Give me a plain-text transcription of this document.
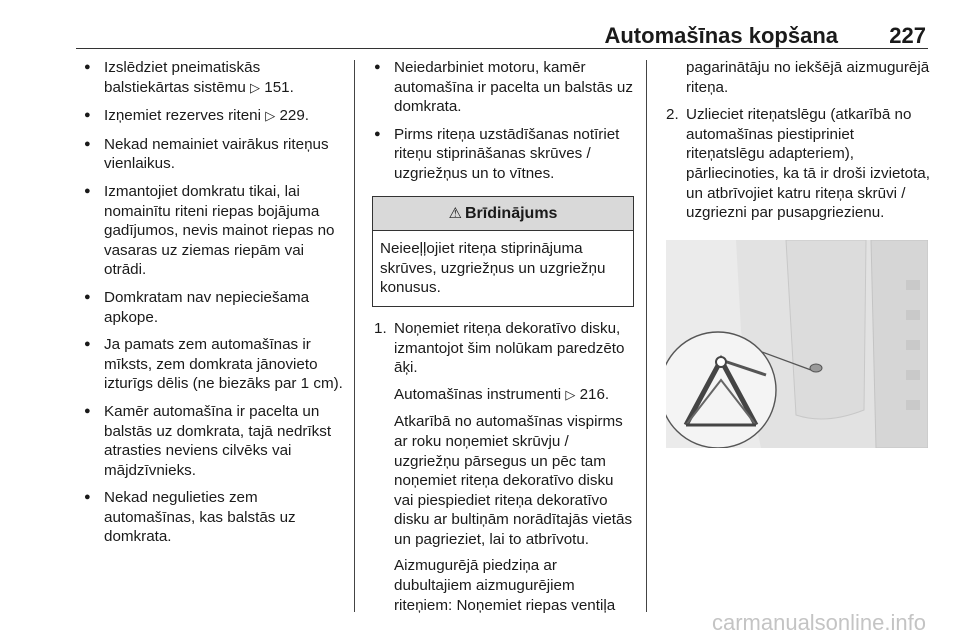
Automašīnas kopšana 227
● Izslēdziet pneimatiskās balstiekārtas sistēmu ▷ 151.
● Izņemiet rezerves riteni ▷ 229.
● Nekad nemainiet vairākus riteņus vienlaikus.
● Izmantojiet domkratu tikai, lai nomainītu riteni riepas bojājuma gadījumos, nevis mainot riepas no vasaras uz ziemas riepām vai otrādi.
● Domkratam nav nepieciešama apkope.
● Ja pamats zem automašīnas ir mīksts, zem domkrata jānovieto izturīgs dēlis (ne biezāks par 1 cm).
● Kamēr automašīna ir pacelta un balstās uz domkrata, tajā nedrīkst atrasties neviens cilvēks vai mājdzīvnieks.
● Nekad negulieties zem automašīnas, kas balstās uz domkrata.
● Neiedarbiniet motoru, kamēr automašīna ir pacelta un balstās uz domkrata.
● Pirms riteņa uzstādīšanas notīriet riteņu stiprināšanas skrūves / uzgriežņus un to vītnes.
⚠ Brīdinājums
Neieeļļojiet riteņa stiprinājuma skrūves, uzgriežņus un uzgriežņu konusus.
1. Noņemiet riteņa dekoratīvo disku, izmantojot šim nolūkam paredzēto āķi.
Automašīnas instrumenti ▷ 216.
Atkarībā no automašīnas vispirms ar roku noņemiet skrūvju / uzgriežņu pārsegus un pēc tam noņemiet riteņa dekoratīvo disku vai piespiediet riteņa dekoratīvo disku ar bultiņām norādītajās vietās un pagrieziet, lai to atbrīvotu.
Aizmugurējā piedziņa ar dubultajiem aizmugurējiem riteņiem: Noņemiet riepas ventiļa
pagarinātāju no iekšējā aizmugurējā riteņa.
2. Uzlieciet riteņatslēgu (atkarībā no automašīnas piestipriniet riteņatslēgu adapteriem), pārliecinoties, ka tā ir droši izvietota, un atbrīvojiet katru riteņa skrūvi / uzgriezni par pusapgriezienu.
carmanualsonline.info
